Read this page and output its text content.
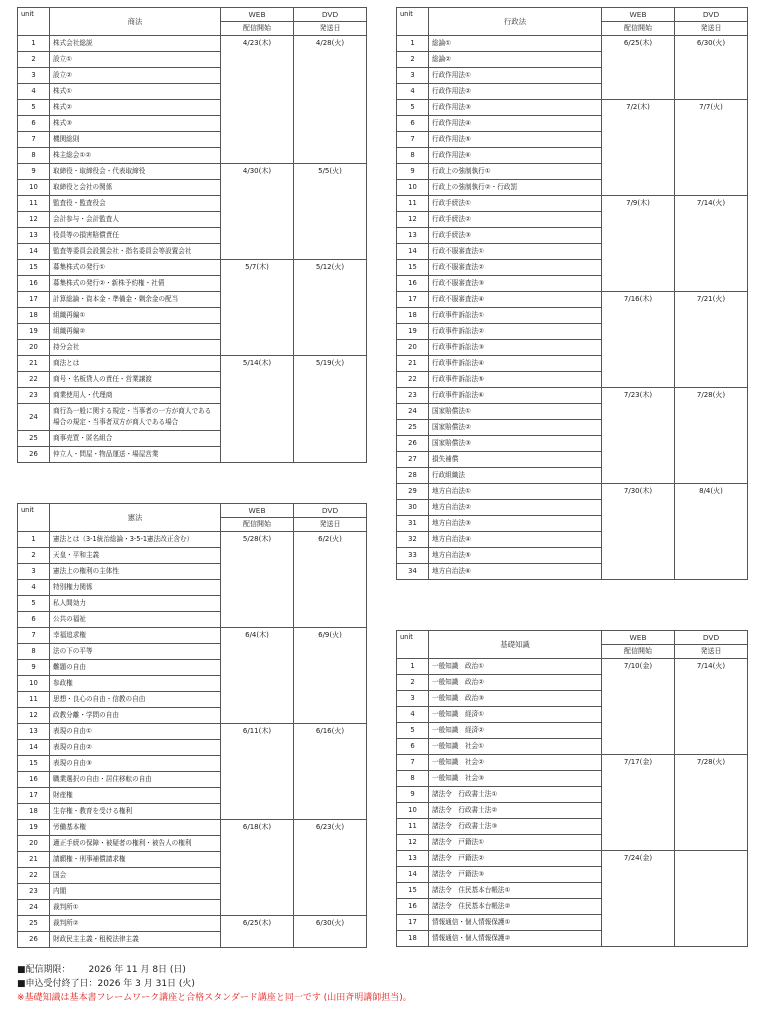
unit	商法	WEB	DVD
		配信開始	発送日
1	株式会社総説	4/23(木)	4/28(火)
2	設立①		
3	設立②		
4	株式①		
5	株式②		
6	株式③		
7	機関総則		
8	株主総会①②		
9	取締役・取締役会・代表取締役	4/30(木)	5/5(火)
10	取締役と会社の関係		
11	監査役・監査役会		
12	会計参与・会計監査人		
13	役員等の損害賠償責任		
14	監査等委員会設置会社・指名委員会等設置会社		
15	募集株式の発行①	5/7(木)	5/12(火)
16	募集株式の発行②・新株予約権・社債		
17	計算総論・資本金・準備金・剰余金の配当		
18	組織再編①		
19	組織再編②		
20	持分会社		
21	商法とは	5/14(木)	5/19(火)
22	商号・名板貸人の責任・営業譲渡		
23	商業使用人・代理商		
24	商行為一般に関する規定・当事者の一方が商人である場合の規定・当事者双方が商人である場合		
25	商事売買・匿名組合		
26	仲立人・問屋・物品運送・場屋営業		
unit	行政法	WEB	DVD
		配信開始	発送日
1	総論①	6/25(木)	6/30(火)
2	総論②		
3	行政作用法①		
4	行政作用法②		
5	行政作用法③	7/2(木)	7/7(火)
6	行政作用法④		
7	行政作用法⑤		
8	行政作用法⑥		
9	行政上の強制執行①		
10	行政上の強制執行②・行政罰		
11	行政手続法①	7/9(木)	7/14(火)
12	行政手続法②		
13	行政手続法③		
14	行政不服審査法①		
15	行政不服審査法②		
16	行政不服審査法③		
17	行政不服審査法④	7/16(木)	7/21(火)
18	行政事件訴訟法①		
19	行政事件訴訟法②		
20	行政事件訴訟法③		
21	行政事件訴訟法④		
22	行政事件訴訟法⑤		
23	行政事件訴訟法⑥	7/23(木)	7/28(火)
24	国家賠償法①		
25	国家賠償法②		
26	国家賠償法③		
27	損失補償		
28	行政組織法		
29	地方自治法①	7/30(木)	8/4(火)
30	地方自治法②		
31	地方自治法③		
32	地方自治法④		
33	地方自治法⑤		
34	地方自治法⑥		
unit	憲法	WEB	DVD
		配信開始	発送日
1	憲法とは（3-1統治総論・3-5-1憲法改正含む）	5/28(木)	6/2(火)
2	天皇・平和主義		
3	憲法上の権利の主体性		
4	特別権力関係		
5	私人間効力		
6	公共の福祉		
7	幸福追求権	6/4(木)	6/9(火)
8	法の下の平等		
9	難題の自由		
10	参政権		
11	思想・良心の自由・信教の自由		
12	政教分離・学問の自由		
13	表現の自由①	6/11(木)	6/16(火)
14	表現の自由②		
15	表現の自由③		
16	職業選択の自由・居住移転の自由		
17	財産権		
18	生存権・教育を受ける権利		
19	労働基本権	6/18(木)	6/23(火)
20	適正手続の保障・被疑者の権利・被告人の権利		
21	請願権・刑事補償請求権		
22	国会		
23	内閣		
24	裁判所①		
25	裁判所②	6/25(木)	6/30(火)
26	財政民主主義・租税法律主義		
unit	基礎知識	WEB	DVD
		配信開始	発送日
1	一般知識　政治①	7/10(金)	7/14(火)
2	一般知識　政治②		
3	一般知識　政治③		
4	一般知識　経済①		
5	一般知識　経済②		
6	一般知識　社会①		
7	一般知識　社会②	7/17(金)	7/28(火)
8	一般知識　社会③		
9	諸法令　行政書士法①		
10	諸法令　行政書士法②		
11	諸法令　行政書士法③		
12	諸法令　戸籍法①		
13	諸法令　戸籍法②	7/24(金)	
14	諸法令　戸籍法③		
15	諸法令　住民基本台帳法①		
16	諸法令　住民基本台帳法②		
17	情報通信・個人情報保護①		
18	情報通信・個人情報保護②		
■配信期限： 2026 年 11 月 8日 (日)
■申込受付終了日：2026 年 3 月 31日 (火)
※基礎知識は基本書フレームワーク講座と合格スタンダード講座と同一です (山田斉明講師担当)。
